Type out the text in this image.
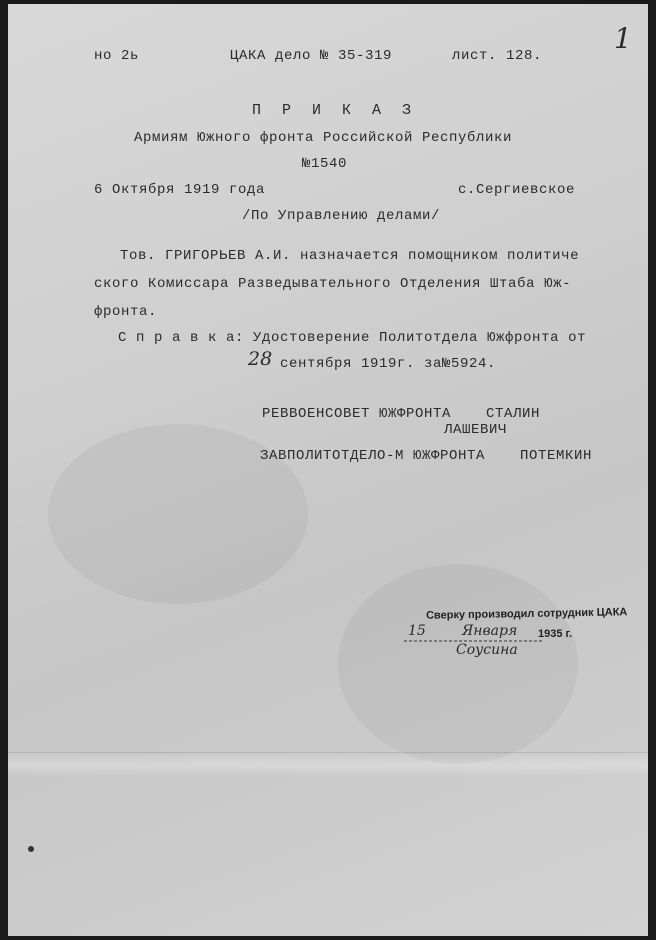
но 2ь	ЦАКА дело № 35-319	лист. 128.
1
П Р И К А З
Армиям Южного фронта Российской Республики
№1540
6 Октября 1919 года	с.Сергиевское
/По Управлению делами/
Тов. ГРИГОРЬЕВ А.И. назначается помощником политиче
ского Комиссара Разведывательного Отделения Штаба Юж-
фронта.
С п р а в к а: Удостоверение Политотдела Южфронта от
28 сентября 1919г. за№5924.
РЕВВОЕНСОВЕТ ЮЖФРОНТА СТАЛИН
ЛАШЕВИЧ
ЗАВПОЛИТОТДЕЛО-М ЮЖФРОНТА ПОТЕМКИН
Сверку производил сотрудник ЦАКА
15	Января 1935 г.
Соусина
